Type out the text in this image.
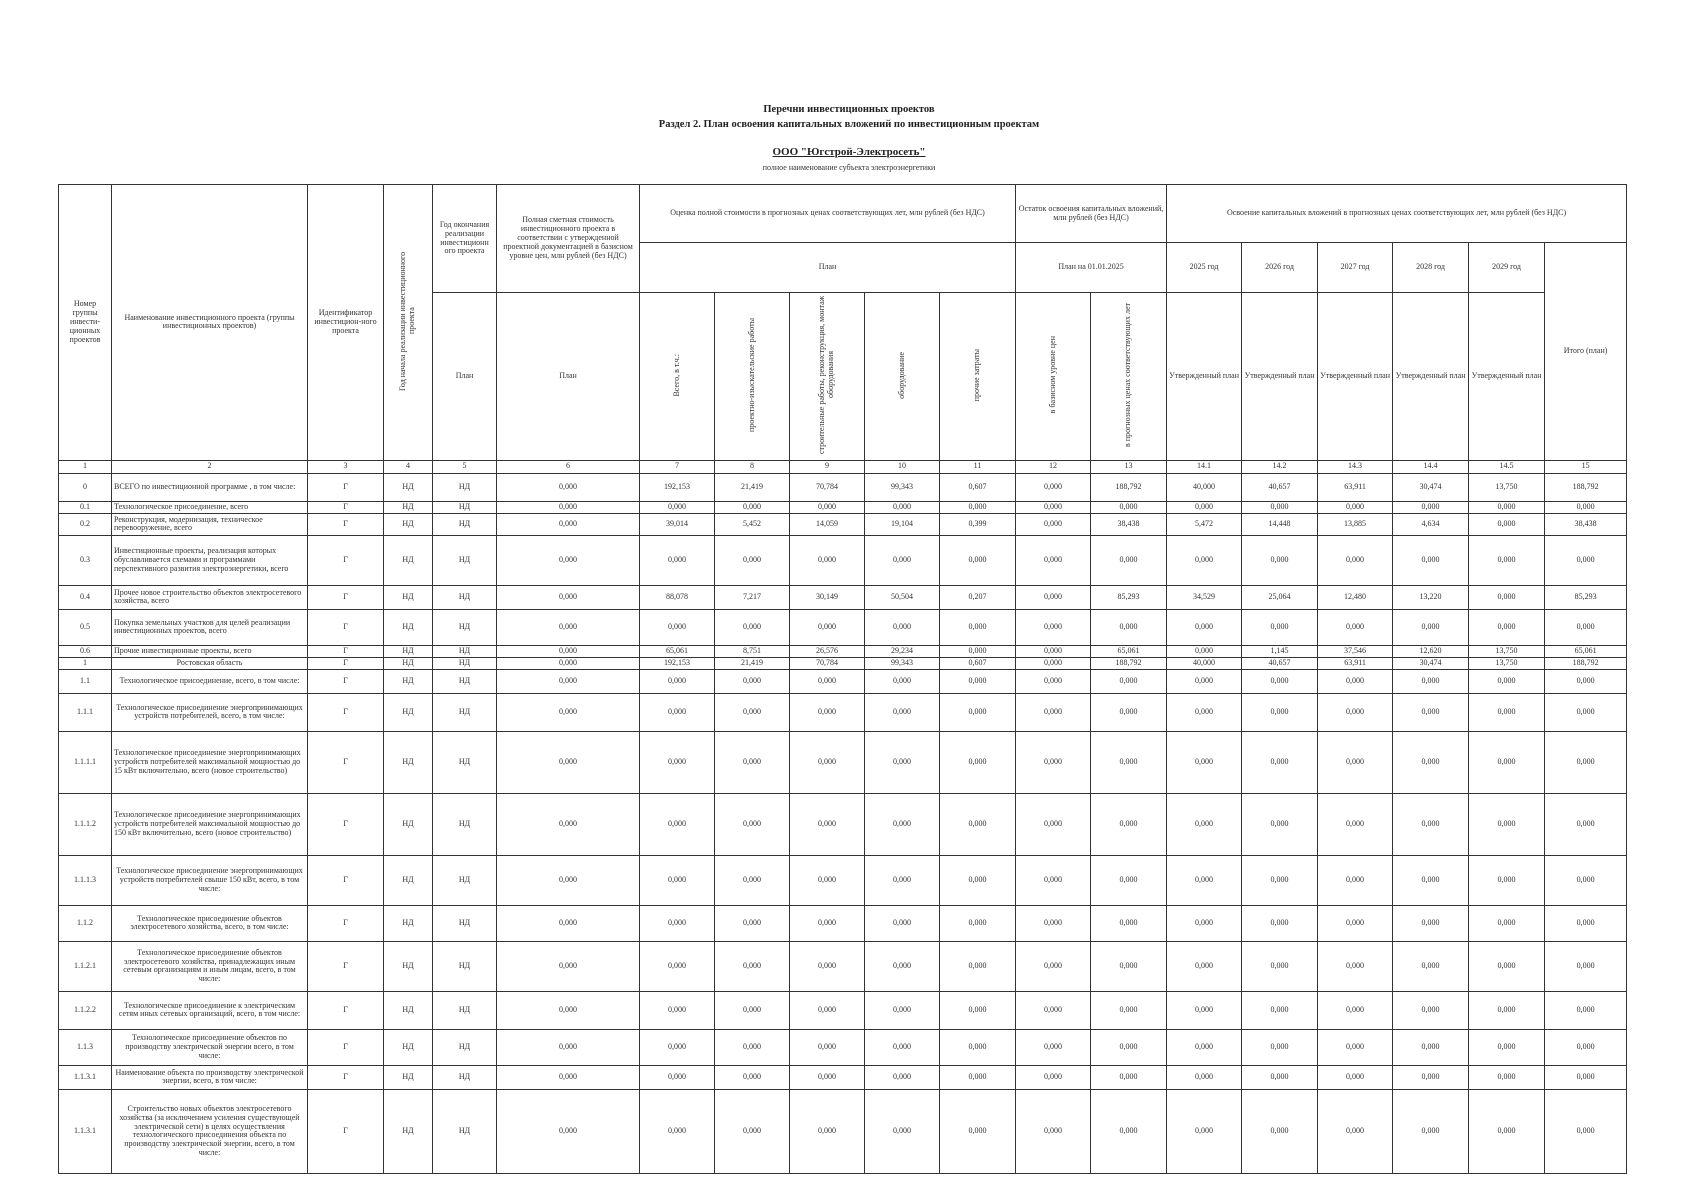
Перечни инвестиционных проектов
Раздел 2. План освоения капитальных вложений по инвестиционным проектам
ООО "Югстрой-Электросеть"
полное наименование субъекта электроэнергетики
Номер группы инвести-ционных проектов	Наименование инвестиционного проекта (группы инвестиционных проектов)	Идентификатор инвестицион-ного проекта	Год начала реализации инвестиционного проекта	Год окончания реализации инвестиционн ого проекта	Полная сметная стоимость инвестиционного проекта в соответствии с утвержденной проектной документацией в базисном уровне цен, млн рублей (без НДС)	Оценка полной стоимости в прогнозных ценах соответствующих лет, млн рублей (без НДС)					Остаток освоения капитальных вложений, млн рублей (без НДС)		Освоение капитальных вложений в прогнозных ценах соответствующих лет, млн рублей (без НДС)					
						План					План на 01.01.2025		2025 год	2026 год	2027 год	2028 год	2029 год	Итого (план)
				План	План	Всего, в т.ч.:	проектно-изыскательские работы	строительные работы, реконструкция, монтаж оборудования	оборудование	прочие затраты	в базисном уровне цен	в прогнозных ценах соответствующих лет	Утвержденный план	Утвержденный план	Утвержденный план	Утвержденный план	Утвержденный план	
1	2	3	4	5	6	7	8	9	10	11	12	13	14.1	14.2	14.3	14.4	14.5	15
0	ВСЕГО по инвестиционной программе , в том числе:	Г	НД	НД	0,000	192,153	21,419	70,784	99,343	0,607	0,000	188,792	40,000	40,657	63,911	30,474	13,750	188,792
0.1	Технологическое присоединение, всего	Г	НД	НД	0,000	0,000	0,000	0,000	0,000	0,000	0,000	0,000	0,000	0,000	0,000	0,000	0,000	0,000
0.2	Реконструкция, модернизация, техническое перевооружение, всего	Г	НД	НД	0,000	39,014	5,452	14,059	19,104	0,399	0,000	38,438	5,472	14,448	13,885	4,634	0,000	38,438
0.3	Инвестиционные проекты, реализация которых обуславливается схемами и программами перспективного развития электроэнергетики, всего	Г	НД	НД	0,000	0,000	0,000	0,000	0,000	0,000	0,000	0,000	0,000	0,000	0,000	0,000	0,000	0,000
0.4	Прочее новое строительство объектов электросетевого хозяйства, всего	Г	НД	НД	0,000	88,078	7,217	30,149	50,504	0,207	0,000	85,293	34,529	25,064	12,480	13,220	0,000	85,293
0.5	Покупка земельных участков для целей реализации инвестиционных проектов, всего	Г	НД	НД	0,000	0,000	0,000	0,000	0,000	0,000	0,000	0,000	0,000	0,000	0,000	0,000	0,000	0,000
0.6	Прочие инвестиционные проекты, всего	Г	НД	НД	0,000	65,061	8,751	26,576	29,234	0,000	0,000	65,061	0,000	1,145	37,546	12,620	13,750	65,061
1	Ростовская область	Г	НД	НД	0,000	192,153	21,419	70,784	99,343	0,607	0,000	188,792	40,000	40,657	63,911	30,474	13,750	188,792
1.1	Технологическое присоединение, всего, в том числе:	Г	НД	НД	0,000	0,000	0,000	0,000	0,000	0,000	0,000	0,000	0,000	0,000	0,000	0,000	0,000	0,000
1.1.1	Технологическое присоединение энергопринимающих устройств потребителей, всего, в том числе:	Г	НД	НД	0,000	0,000	0,000	0,000	0,000	0,000	0,000	0,000	0,000	0,000	0,000	0,000	0,000	0,000
1.1.1.1	Технологическое присоединение энергопринимающих устройств потребителей максимальной мощностью до 15 кВт включительно, всего (новое строительство)	Г	НД	НД	0,000	0,000	0,000	0,000	0,000	0,000	0,000	0,000	0,000	0,000	0,000	0,000	0,000	0,000
1.1.1.2	Технологическое присоединение энергопринимающих устройств потребителей максимальной мощностью до 150 кВт включительно, всего (новое строительство)	Г	НД	НД	0,000	0,000	0,000	0,000	0,000	0,000	0,000	0,000	0,000	0,000	0,000	0,000	0,000	0,000
1.1.1.3	Технологическое присоединение энергопринимающих устройств потребителей свыше 150 кВт, всего, в том числе:	Г	НД	НД	0,000	0,000	0,000	0,000	0,000	0,000	0,000	0,000	0,000	0,000	0,000	0,000	0,000	0,000
1.1.2	Технологическое присоединение объектов электросетевого хозяйства, всего, в том числе:	Г	НД	НД	0,000	0,000	0,000	0,000	0,000	0,000	0,000	0,000	0,000	0,000	0,000	0,000	0,000	0,000
1.1.2.1	Технологическое присоединение объектов электросетевого хозяйства, принадлежащих иным сетевым организациям и иным лицам, всего, в том числе:	Г	НД	НД	0,000	0,000	0,000	0,000	0,000	0,000	0,000	0,000	0,000	0,000	0,000	0,000	0,000	0,000
1.1.2.2	Технологическое присоединение к электрическим сетям иных сетевых организаций, всего, в том числе:	Г	НД	НД	0,000	0,000	0,000	0,000	0,000	0,000	0,000	0,000	0,000	0,000	0,000	0,000	0,000	0,000
1.1.3	Технологическое присоединение объектов по производству электрической энергии всего, в том числе:	Г	НД	НД	0,000	0,000	0,000	0,000	0,000	0,000	0,000	0,000	0,000	0,000	0,000	0,000	0,000	0,000
1.1.3.1	Наименование объекта по производству электрической энергии, всего, в том числе:	Г	НД	НД	0,000	0,000	0,000	0,000	0,000	0,000	0,000	0,000	0,000	0,000	0,000	0,000	0,000	0,000
1.1.3.1	Строительство новых объектов электросетевого хозяйства (за исключением усиления существующей электрической сети) в целях осуществления технологического присоединения объекта по производству электрической энергии, всего, в том числе:	Г	НД	НД	0,000	0,000	0,000	0,000	0,000	0,000	0,000	0,000	0,000	0,000	0,000	0,000	0,000	0,000
